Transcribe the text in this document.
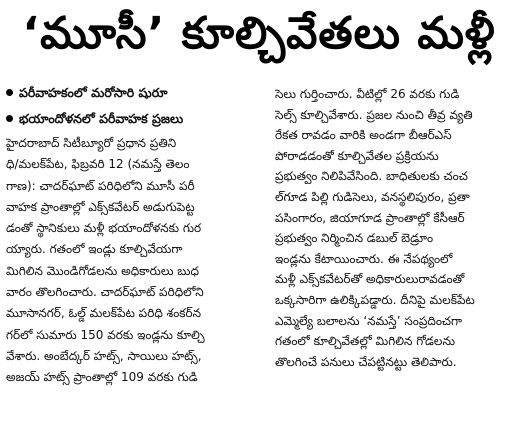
‘మూసీ’ కూల్చివేతలు మళ్లీ
పరీవాహకంలో మరోసారి షురూ
భయాందోళనలో పరీవాహక ప్రజలు
హైదరాబాద్ సిటీబ్యూరో ప్రధాన ప్రతిని
ధి/మలక్‌పేట, ఫిబ్రవరి 12 (నమస్తే తెలం
గాణ): చాదర్‌ఘాట్ పరిధిలోని మూసీ పరీ
వాహక ప్రాంతాల్లో ఎక్స్‌కవేటర్ అడుగుపెట్ట
డంతో స్థానికులు మళ్లీ భయాందోళనకు గుర
య్యారు. గతంలో ఇండ్లు కూల్చివేయగా
మిగిలిన మొండిగోడలను అధికారులు బుధ
వారం తొలగించారు. చాదర్‌ఘాట్ పరిధిలోని
మూసానగర్, ఓల్డ్ మలక్‌పేట పరిధి శంకర్‌న
గర్‌లో సుమారు 150 వరకు ఇండ్లను కూల్చి
వేశారు. అంబేద్కర్ హట్స్, సాయిలు హట్స్,
అజయ్ హట్స్ ప్రాంతాల్లో 109 వరకు గుడి
సెలు గుర్తించారు. వీటిల్లో 26 వరకు గుడి
సెల్స్ కూల్చివేశారు. ప్రజల నుంచి తీవ్ర వ్యతి
రేకత రావడం వారికి అండగా బీఆర్‌ఎస్
పోరాడడంతో కూల్చివేతల ప్రక్రియను
ప్రభుత్వం నిలిపివేసింది. బాధితులకు చంచ
ల్‌గూడ పిల్లి గుడిసెలు, వనస్థలిపురం, ప్రతా
పసింగారం, జియాగూడ ప్రాంతాల్లో కేసీఆర్
ప్రభుత్వం నిర్మించిన డబుల్ బెడ్రూం
ఇండ్లను కేటాయించారు. ఈ నేపథ్యంలో
మళ్లీ ఎక్స్‌కవేటర్‌తో అధికారులురావడంతో
ఒక్కసారిగా ఉలిక్కిపడ్డారు. దీనిపై మలక్‌పేట
ఎమ్మెల్యే బలాలను ‘నమస్తే’ సంప్రదించగా
గతంలో కూల్చివేతల్లో మిగిలిన గోడలను
తొలగించే పనులు చేపట్టినట్టు తెలిపారు.
